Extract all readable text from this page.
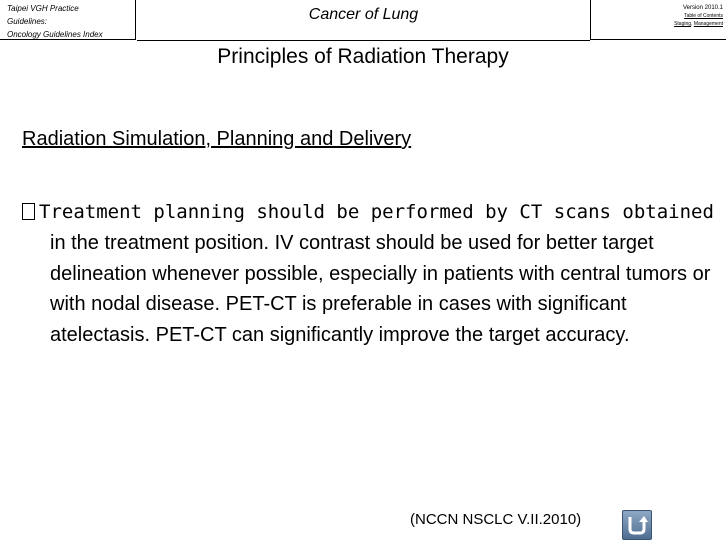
Taipei VGH Practice
Guidelines:
Oncology Guidelines Index
Cancer of Lung	Version 2010.1
Table of Contents
Staging, Management
Principles of Radiation Therapy
Radiation Simulation, Planning and Delivery
Treatment planning should be performed by CT scans obtained
in the treatment position. IV contrast should be used for better target delineation whenever possible, especially in patients with central tumors or with nodal disease. PET-CT is preferable in cases with significant atelectasis. PET-CT can significantly improve the target accuracy.
(NCCN NSCLC V.II.2010)
